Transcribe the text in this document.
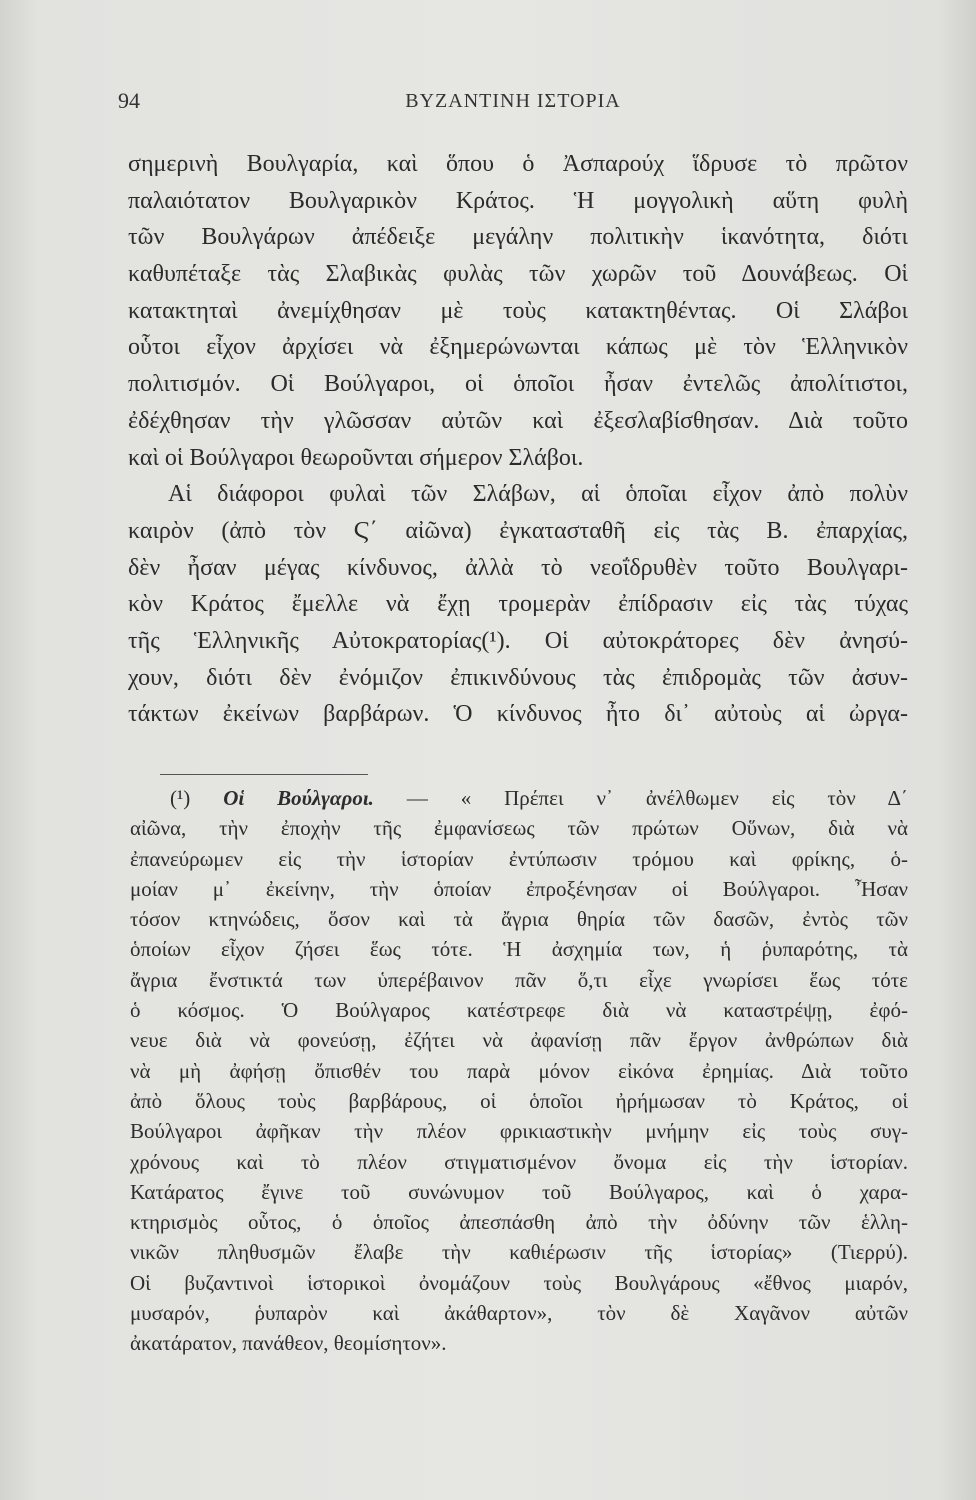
94	ΒΥΖΑΝΤΙΝΗ ΙΣΤΟΡΙΑ
σημερινὴ Βουλγαρία, καὶ ὅπου ὁ Ἀσπαρούχ ἵδρυσε τὸ πρῶτον
παλαιότατον Βουλγαρικὸν Κράτος. Ἡ μογγολικὴ αὕτη φυλὴ
τῶν Βουλγάρων ἀπέδειξε μεγάλην πολιτικὴν ἱκανότητα, διότι
καθυπέταξε τὰς Σλαβικὰς φυλὰς τῶν χωρῶν τοῦ Δουνάβεως. Οἱ
κατακτηταὶ ἀνεμίχθησαν μὲ τοὺς κατακτηθέντας. Οἱ Σλάβοι
οὗτοι εἶχον ἀρχίσει νὰ ἐξημερώνωνται κάπως μὲ τὸν Ἑλληνικὸν
πολιτισμόν. Οἱ Βούλγαροι, οἱ ὁποῖοι ἦσαν ἐντελῶς ἀπολίτιστοι,
ἐδέχθησαν τὴν γλῶσσαν αὐτῶν καὶ ἐξεσλαβίσθησαν. Διὰ τοῦτο
καὶ οἱ Βούλγαροι θεωροῦνται σήμερον Σλάβοι.
Αἱ διάφοροι φυλαὶ τῶν Σλάβων, αἱ ὁποῖαι εἶχον ἀπὸ πολὺν
καιρὸν (ἀπὸ τὸν Ϛ΄ αἰῶνα) ἐγκατασταθῆ εἰς τὰς Β. ἐπαρχίας,
δὲν ἦσαν μέγας κίνδυνος, ἀλλὰ τὸ νεοΐδρυθὲν τοῦτο Βουλγαρι-
κὸν Κράτος ἔμελλε νὰ ἔχῃ τρομερὰν ἐπίδρασιν εἰς τὰς τύχας
τῆς Ἑλληνικῆς Αὐτοκρατορίας(¹). Οἱ αὐτοκράτορες δὲν ἀνησύ-
χουν, διότι δὲν ἐνόμιζον ἐπικινδύνους τὰς ἐπιδρομὰς τῶν ἀσυν-
τάκτων ἐκείνων βαρβάρων. Ὁ κίνδυνος ἦτο δι᾿ αὐτοὺς αἱ ὠργα-
(¹) Οἱ Βούλγαροι. — « Πρέπει ν᾿ ἀνέλθωμεν εἰς τὸν Δ΄
αἰῶνα, τὴν ἐποχὴν τῆς ἐμφανίσεως τῶν πρώτων Οὕνων, διὰ νὰ
ἐπανεύρωμεν εἰς τὴν ἱστορίαν ἐντύπωσιν τρόμου καὶ φρίκης, ὁ-
μοίαν μ᾿ ἐκείνην, τὴν ὁποίαν ἐπροξένησαν οἱ Βούλγαροι. Ἦσαν
τόσον κτηνώδεις, ὅσον καὶ τὰ ἄγρια θηρία τῶν δασῶν, ἐντὸς τῶν
ὁποίων εἶχον ζήσει ἕως τότε. Ἡ ἀσχημία των, ἡ ῥυπαρότης, τὰ
ἄγρια ἔνστικτά των ὑπερέβαινον πᾶν ὅ,τι εἶχε γνωρίσει ἕως τότε
ὁ κόσμος. Ὁ Βούλγαρος κατέστρεφε διὰ νὰ καταστρέψῃ, ἐφό-
νευε διὰ νὰ φονεύσῃ, ἐζήτει νὰ ἀφανίσῃ πᾶν ἔργον ἀνθρώπων διὰ
νὰ μὴ ἀφήσῃ ὄπισθέν του παρὰ μόνον εἰκόνα ἐρημίας. Διὰ τοῦτο
ἀπὸ ὅλους τοὺς βαρβάρους, οἱ ὁποῖοι ἠρήμωσαν τὸ Κράτος, οἱ
Βούλγαροι ἀφῆκαν τὴν πλέον φρικιαστικὴν μνήμην εἰς τοὺς συγ-
χρόνους καὶ τὸ πλέον στιγματισμένον ὄνομα εἰς τὴν ἱστορίαν.
Κατάρατος ἔγινε τοῦ συνώνυμον τοῦ Βούλγαρος, καὶ ὁ χαρα-
κτηρισμὸς οὗτος, ὁ ὁποῖος ἀπεσπάσθη ἀπὸ τὴν ὀδύνην τῶν ἑλλη-
νικῶν πληθυσμῶν ἔλαβε τὴν καθιέρωσιν τῆς ἱστορίας» (Τιερρύ).
Οἱ βυζαντινοὶ ἱστορικοὶ ὀνομάζουν τοὺς Βουλγάρους «ἔθνος μιαρόν,
μυσαρόν, ῥυπαρὸν καὶ ἀκάθαρτον», τὸν δὲ Χαγᾶνον αὐτῶν
ἀκατάρατον, πανάθεον, θεομίσητον».
